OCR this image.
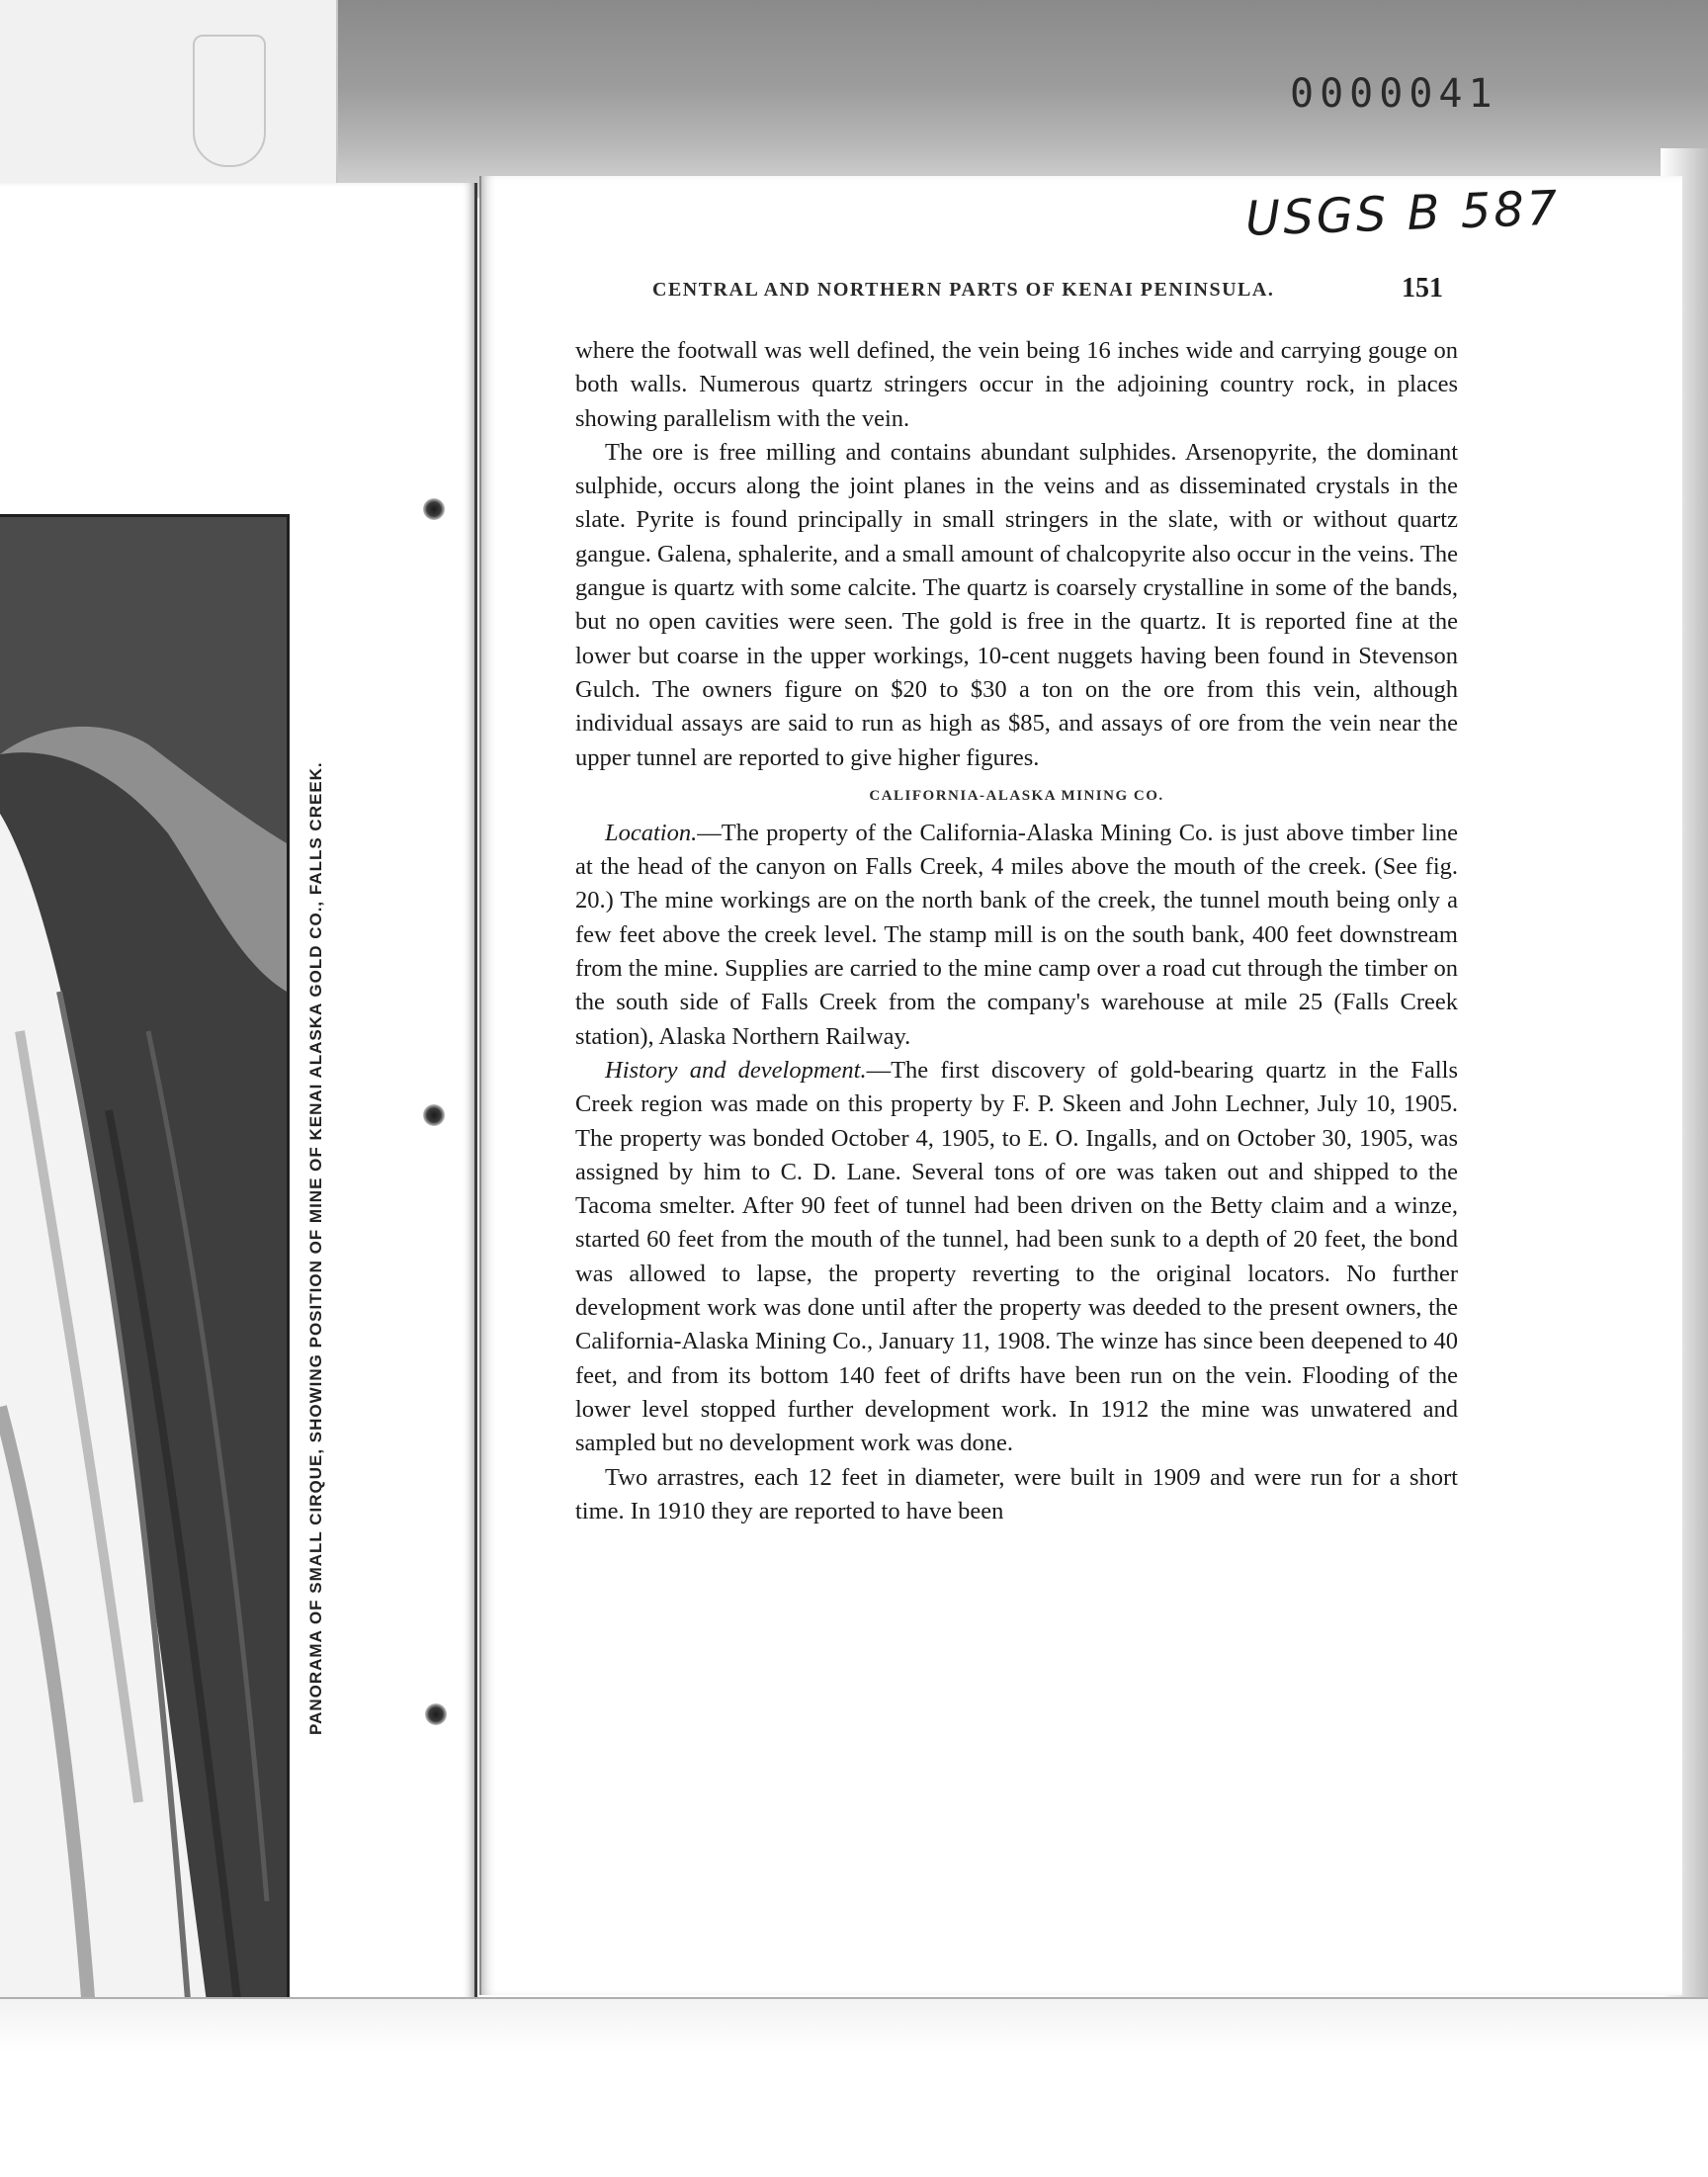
0000041
PANORAMA OF SMALL CIRQUE, SHOWING POSITION OF MINE OF KENAI ALASKA GOLD CO., FALLS CREEK.
USGS B 587
CENTRAL AND NORTHERN PARTS OF KENAI PENINSULA.	151

where the footwall was well defined, the vein being 16 inches wide and carrying gouge on both walls. Numerous quartz stringers occur in the adjoining country rock, in places showing parallelism with the vein.

The ore is free milling and contains abundant sulphides. Arsenopyrite, the dominant sulphide, occurs along the joint planes in the veins and as disseminated crystals in the slate. Pyrite is found principally in small stringers in the slate, with or without quartz gangue. Galena, sphalerite, and a small amount of chalcopyrite also occur in the veins. The gangue is quartz with some calcite. The quartz is coarsely crystalline in some of the bands, but no open cavities were seen. The gold is free in the quartz. It is reported fine at the lower but coarse in the upper workings, 10-cent nuggets having been found in Stevenson Gulch. The owners figure on $20 to $30 a ton on the ore from this vein, although individual assays are said to run as high as $85, and assays of ore from the vein near the upper tunnel are reported to give higher figures.

CALIFORNIA-ALASKA MINING CO.

Location.—The property of the California-Alaska Mining Co. is just above timber line at the head of the canyon on Falls Creek, 4 miles above the mouth of the creek. (See fig. 20.) The mine workings are on the north bank of the creek, the tunnel mouth being only a few feet above the creek level. The stamp mill is on the south bank, 400 feet downstream from the mine. Supplies are carried to the mine camp over a road cut through the timber on the south side of Falls Creek from the company's warehouse at mile 25 (Falls Creek station), Alaska Northern Railway.

History and development.—The first discovery of gold-bearing quartz in the Falls Creek region was made on this property by F. P. Skeen and John Lechner, July 10, 1905. The property was bonded October 4, 1905, to E. O. Ingalls, and on October 30, 1905, was assigned by him to C. D. Lane. Several tons of ore was taken out and shipped to the Tacoma smelter. After 90 feet of tunnel had been driven on the Betty claim and a winze, started 60 feet from the mouth of the tunnel, had been sunk to a depth of 20 feet, the bond was allowed to lapse, the property reverting to the original locators. No further development work was done until after the property was deeded to the present owners, the California-Alaska Mining Co., January 11, 1908. The winze has since been deepened to 40 feet, and from its bottom 140 feet of drifts have been run on the vein. Flooding of the lower level stopped further development work. In 1912 the mine was unwatered and sampled but no development work was done.

Two arrastres, each 12 feet in diameter, were built in 1909 and were run for a short time. In 1910 they are reported to have been
